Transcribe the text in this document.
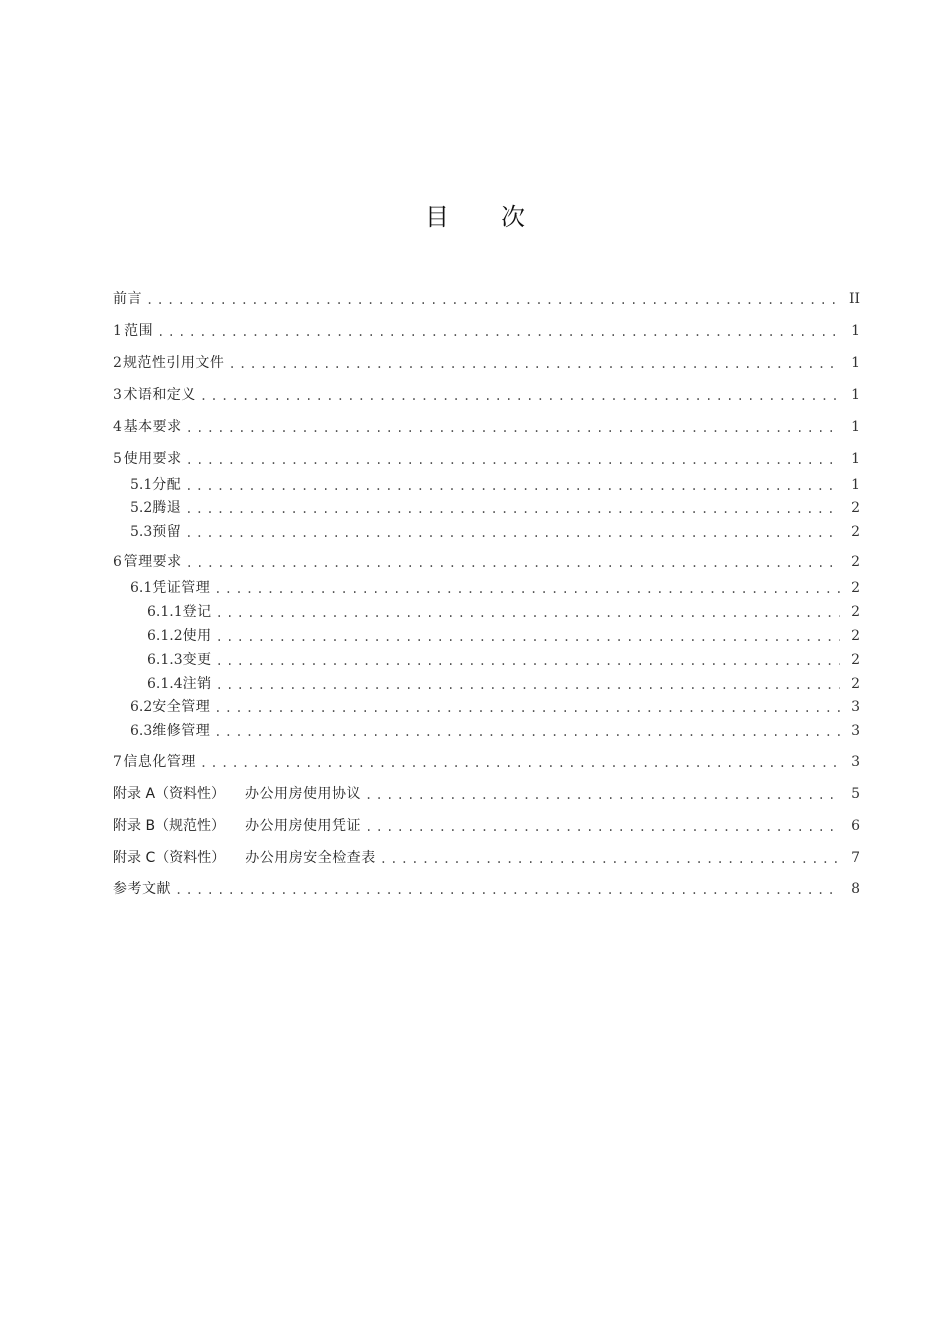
目 次
前言 .....	II
1 范围 .....	1
2 规范性引用文件 .....	1
3 术语和定义 .....	1
4 基本要求 .....	1
5 使用要求 .....	1
5.1 分配 .....	1
5.2 腾退 .....	2
5.3 预留 .....	2
6 管理要求 .....	2
6.1 凭证管理 .....	2
6.1.1 登记 .....	2
6.1.2 使用 .....	2
6.1.3 变更 .....	2
6.1.4 注销 .....	2
6.2 安全管理 .....	3
6.3 维修管理 .....	3
7 信息化管理 .....	3
附录 A（资料性） 办公用房使用协议 .....	5
附录 B（规范性） 办公用房使用凭证 .....	6
附录 C（资料性） 办公用房安全检查表 .....	7
参考文献 .....	8
